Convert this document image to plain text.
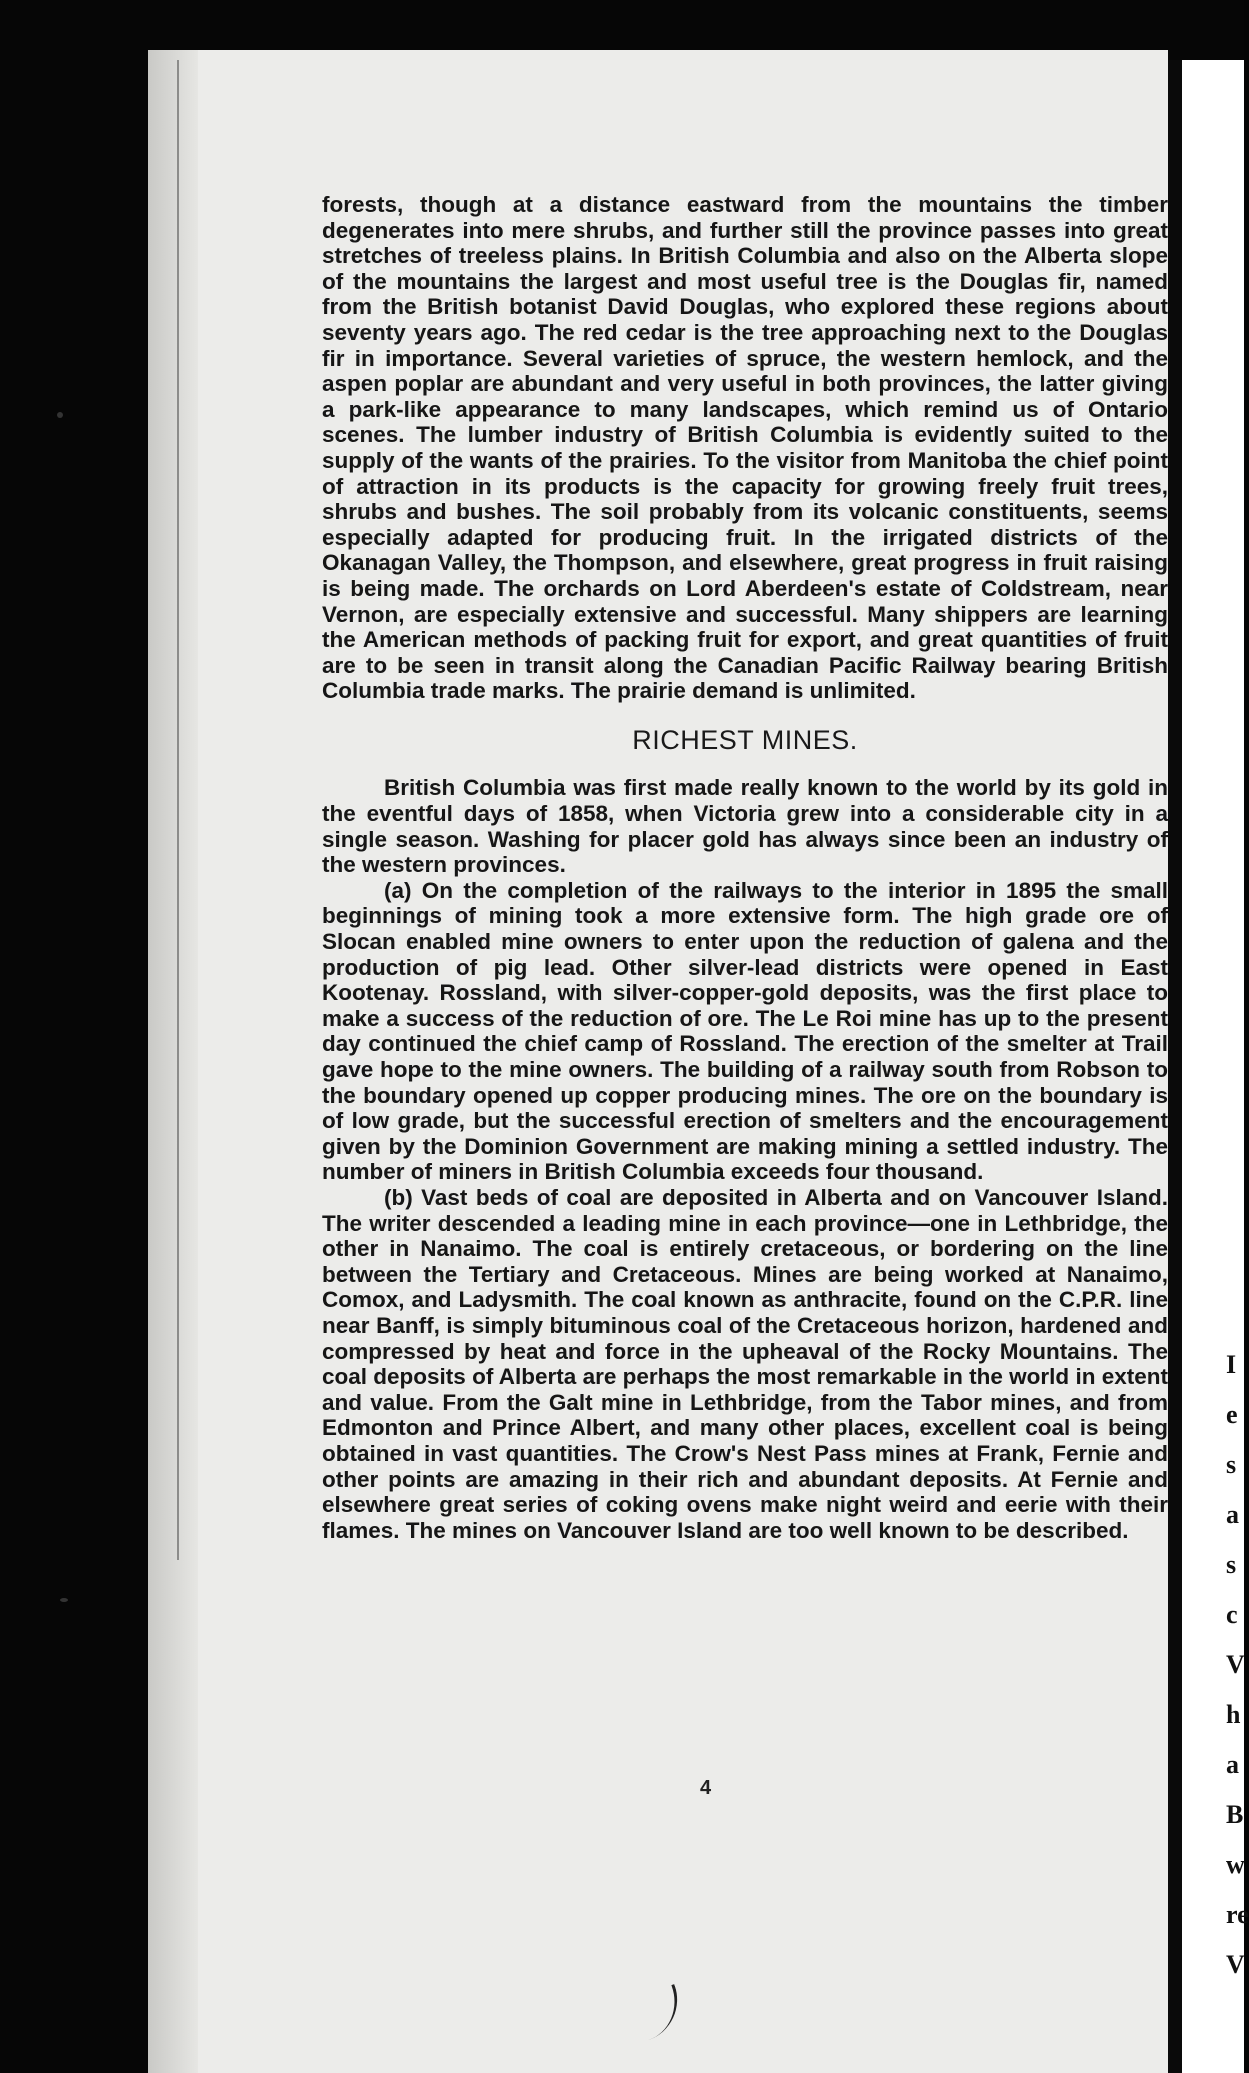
I
e
s
a
s
c
V
h
a
B
w
re
V

forests, though at a distance eastward from the mountains the timber degenerates into mere shrubs, and further still the province passes into great stretches of treeless plains. In British Columbia and also on the Alberta slope of the mountains the largest and most useful tree is the Douglas fir, named from the British botanist David Douglas, who explored these regions about seventy years ago. The red cedar is the tree approaching next to the Douglas fir in importance. Several varieties of spruce, the western hemlock, and the aspen poplar are abundant and very useful in both provinces, the latter giving a park-like appearance to many landscapes, which remind us of Ontario scenes. The lumber industry of British Columbia is evidently suited to the supply of the wants of the prairies. To the visitor from Manitoba the chief point of attraction in its products is the capacity for growing freely fruit trees, shrubs and bushes. The soil probably from its volcanic constituents, seems especially adapted for producing fruit. In the irrigated districts of the Okanagan Valley, the Thompson, and elsewhere, great progress in fruit raising is being made. The orchards on Lord Aberdeen's estate of Coldstream, near Vernon, are especially extensive and successful. Many shippers are learning the American methods of packing fruit for export, and great quantities of fruit are to be seen in transit along the Canadian Pacific Railway bearing British Columbia trade marks. The prairie demand is unlimited.

RICHEST MINES.

British Columbia was first made really known to the world by its gold in the eventful days of 1858, when Victoria grew into a considerable city in a single season. Washing for placer gold has always since been an industry of the western provinces.

(a) On the completion of the railways to the interior in 1895 the small beginnings of mining took a more extensive form. The high grade ore of Slocan enabled mine owners to enter upon the reduction of galena and the production of pig lead. Other silver-lead districts were opened in East Kootenay. Rossland, with silver-copper-gold deposits, was the first place to make a success of the reduction of ore. The Le Roi mine has up to the present day continued the chief camp of Rossland. The erection of the smelter at Trail gave hope to the mine owners. The building of a railway south from Robson to the boundary opened up copper producing mines. The ore on the boundary is of low grade, but the successful erection of smelters and the encouragement given by the Dominion Government are making mining a settled industry. The number of miners in British Columbia exceeds four thousand.

(b) Vast beds of coal are deposited in Alberta and on Vancouver Island. The writer descended a leading mine in each province—one in Lethbridge, the other in Nanaimo. The coal is entirely cretaceous, or bordering on the line between the Tertiary and Cretaceous. Mines are being worked at Nanaimo, Comox, and Ladysmith. The coal known as anthracite, found on the C.P.R. line near Banff, is simply bituminous coal of the Cretaceous horizon, hardened and compressed by heat and force in the upheaval of the Rocky Mountains. The coal deposits of Alberta are perhaps the most remarkable in the world in extent and value. From the Galt mine in Lethbridge, from the Tabor mines, and from Edmonton and Prince Albert, and many other places, excellent coal is being obtained in vast quantities. The Crow's Nest Pass mines at Frank, Fernie and other points are amazing in their rich and abundant deposits. At Fernie and elsewhere great series of coking ovens make night weird and eerie with their flames. The mines on Vancouver Island are too well known to be described.

4
